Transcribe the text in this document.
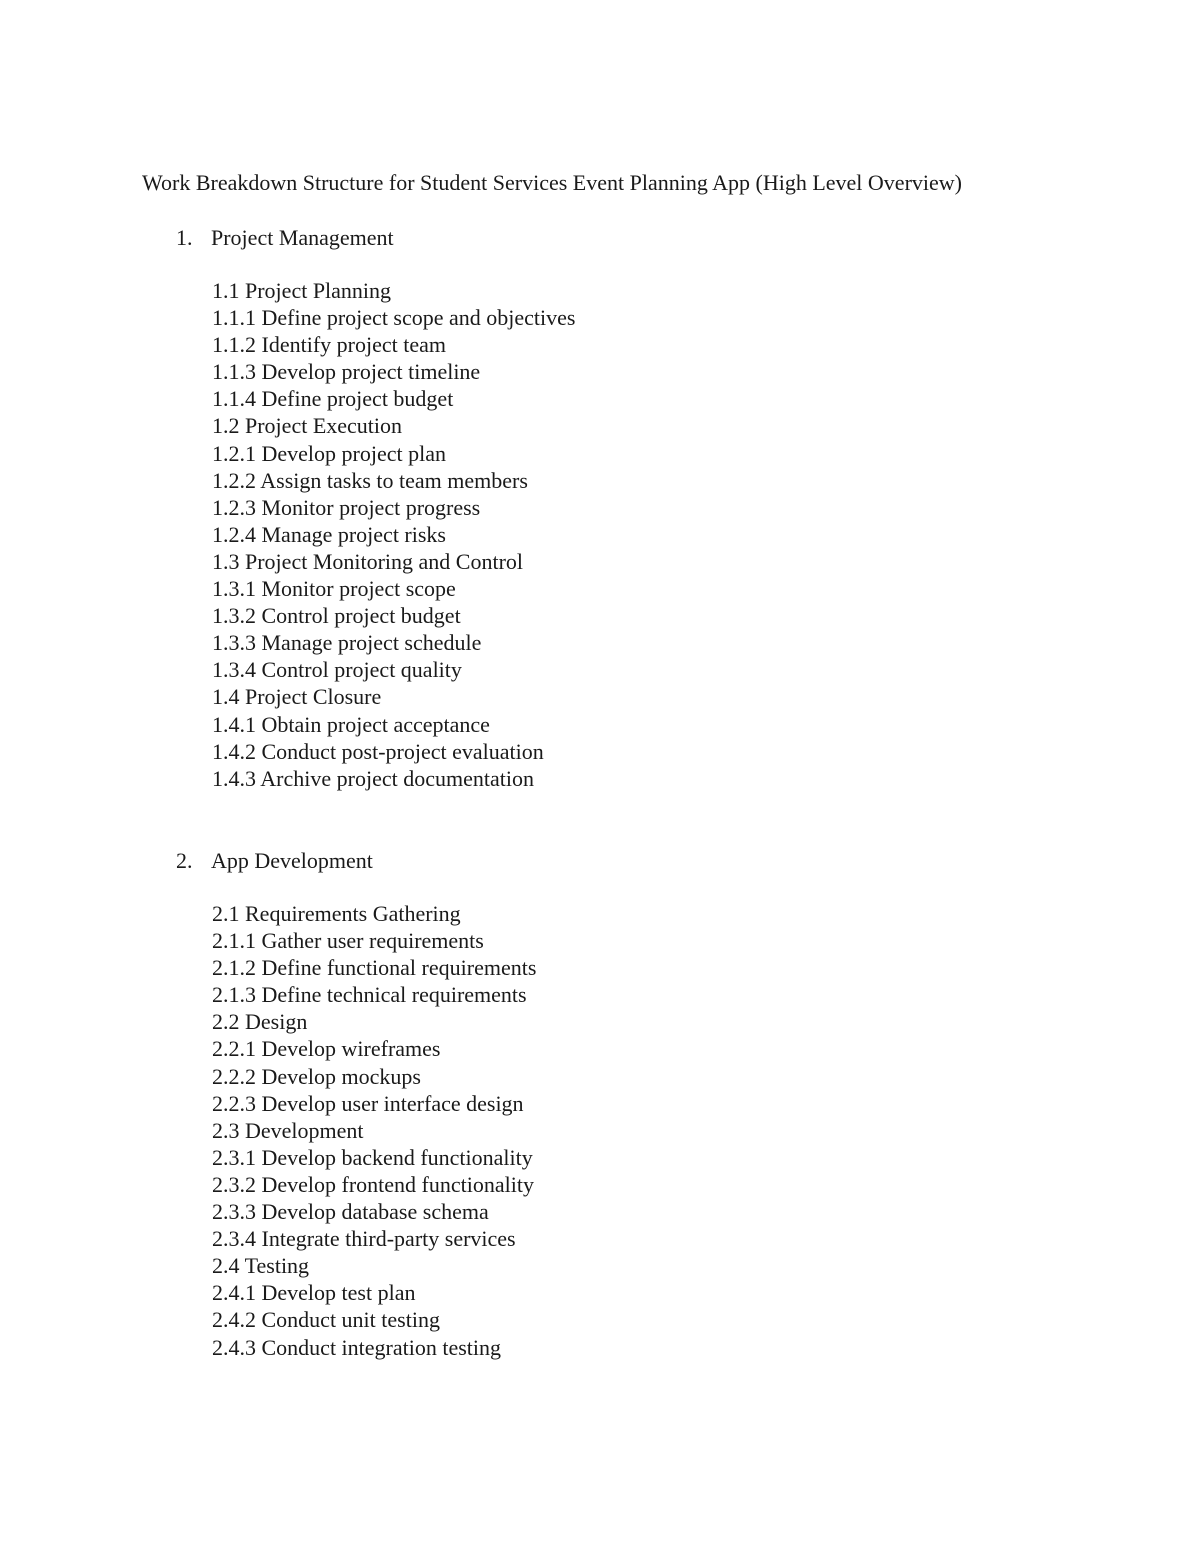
Work Breakdown Structure for Student Services Event Planning App (High Level Overview)
1. Project Management
1.1 Project Planning
1.1.1 Define project scope and objectives
1.1.2 Identify project team
1.1.3 Develop project timeline
1.1.4 Define project budget
1.2 Project Execution
1.2.1 Develop project plan
1.2.2 Assign tasks to team members
1.2.3 Monitor project progress
1.2.4 Manage project risks
1.3 Project Monitoring and Control
1.3.1 Monitor project scope
1.3.2 Control project budget
1.3.3 Manage project schedule
1.3.4 Control project quality
1.4 Project Closure
1.4.1 Obtain project acceptance
1.4.2 Conduct post-project evaluation
1.4.3 Archive project documentation
2. App Development
2.1 Requirements Gathering
2.1.1 Gather user requirements
2.1.2 Define functional requirements
2.1.3 Define technical requirements
2.2 Design
2.2.1 Develop wireframes
2.2.2 Develop mockups
2.2.3 Develop user interface design
2.3 Development
2.3.1 Develop backend functionality
2.3.2 Develop frontend functionality
2.3.3 Develop database schema
2.3.4 Integrate third-party services
2.4 Testing
2.4.1 Develop test plan
2.4.2 Conduct unit testing
2.4.3 Conduct integration testing
